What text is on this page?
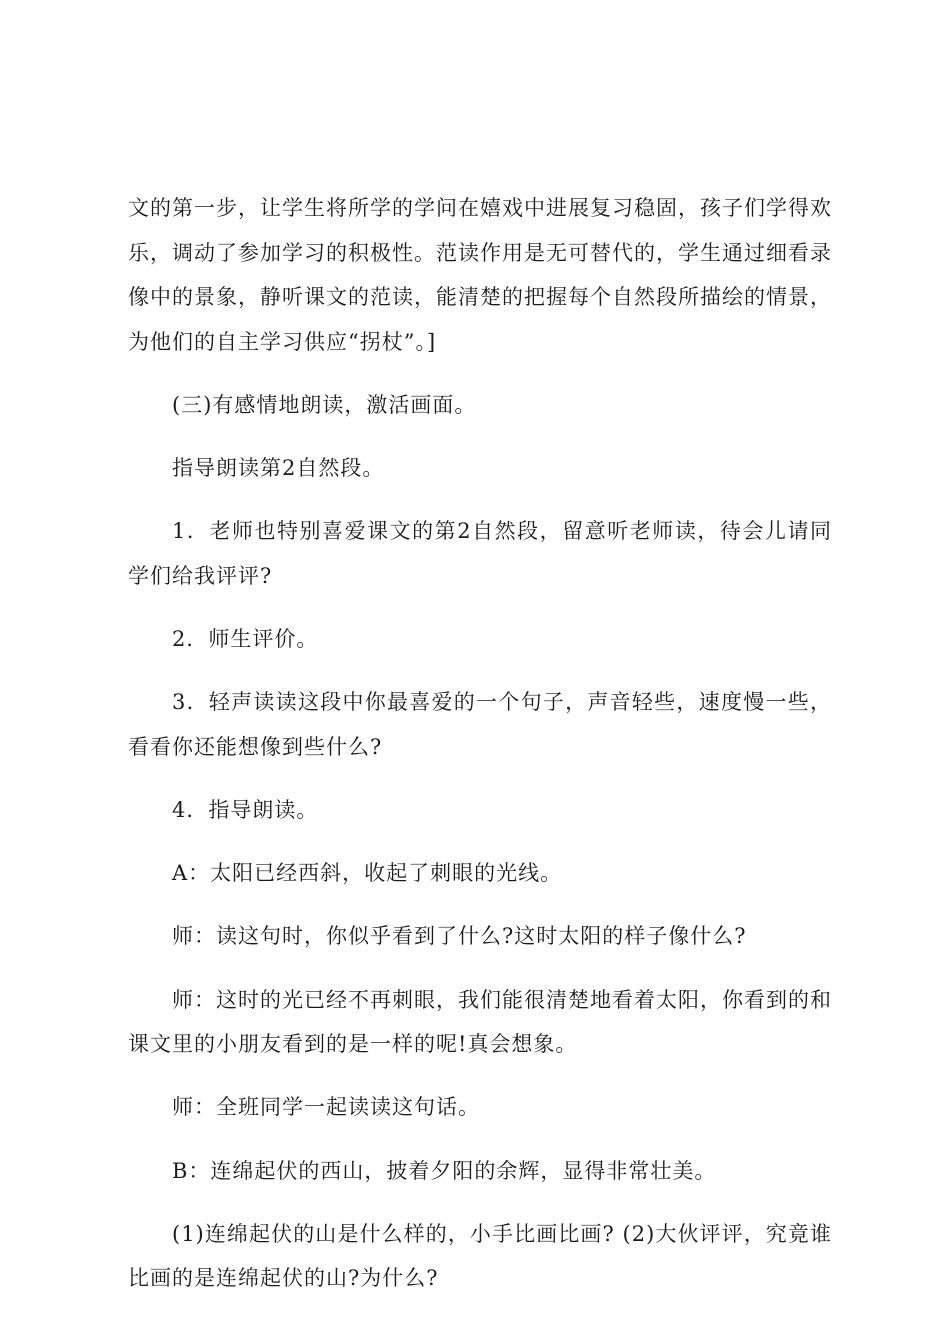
文的第一步，让学生将所学的学问在嬉戏中进展复习稳固，孩子们学得欢乐，调动了参加学习的积极性。范读作用是无可替代的，学生通过细看录像中的景象，静听课文的范读，能清楚的把握每个自然段所描绘的情景，为他们的自主学习供应“拐杖”。]

(三)有感情地朗读，激活画面。

指导朗读第2自然段。

1．老师也特别喜爱课文的第2自然段，留意听老师读，待会儿请同学们给我评评?

2．师生评价。

3．轻声读读这段中你最喜爱的一个句子，声音轻些，速度慢一些，看看你还能想像到些什么?

4．指导朗读。

A：太阳已经西斜，收起了刺眼的光线。

师：读这句时，你似乎看到了什么?这时太阳的样子像什么?

师：这时的光已经不再刺眼，我们能很清楚地看着太阳，你看到的和课文里的小朋友看到的是一样的呢!真会想象。

师：全班同学一起读读这句话。

B：连绵起伏的西山，披着夕阳的余辉，显得非常壮美。

(1)连绵起伏的山是什么样的，小手比画比画? (2)大伙评评，究竟谁比画的是连绵起伏的山?为什么?
